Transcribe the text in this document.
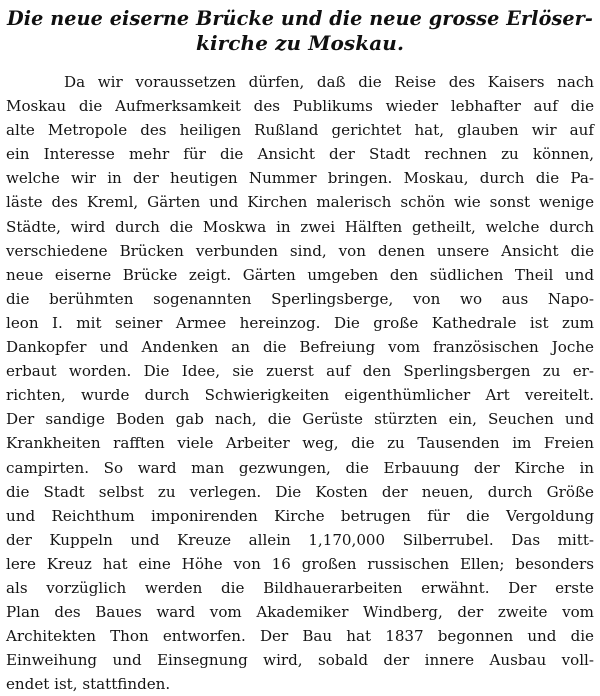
Die neue eiserne Brücke und die neue grosse Erlöser-
kirche zu Moskau.
Da wir voraussetzen dürfen, daß die Reise des Kaisers nach
Moskau die Aufmerksamkeit des Publikums wieder lebhafter auf die
alte Metropole des heiligen Rußland gerichtet hat, glauben wir auf
ein Interesse mehr für die Ansicht der Stadt rechnen zu können,
welche wir in der heutigen Nummer bringen. Moskau, durch die Pa-
läste des Kreml, Gärten und Kirchen malerisch schön wie sonst wenige
Städte, wird durch die Moskwa in zwei Hälften getheilt, welche durch
verschiedene Brücken verbunden sind, von denen unsere Ansicht die
neue eiserne Brücke zeigt. Gärten umgeben den südlichen Theil und
die berühmten sogenannten Sperlingsberge, von wo aus Napo-
leon I. mit seiner Armee hereinzog. Die große Kathedrale ist zum
Dankopfer und Andenken an die Befreiung vom französischen Joche
erbaut worden. Die Idee, sie zuerst auf den Sperlingsbergen zu er-
richten, wurde durch Schwierigkeiten eigenthümlicher Art vereitelt.
Der sandige Boden gab nach, die Gerüste stürzten ein, Seuchen und
Krankheiten rafften viele Arbeiter weg, die zu Tausenden im Freien
campirten. So ward man gezwungen, die Erbauung der Kirche in
die Stadt selbst zu verlegen. Die Kosten der neuen, durch Größe
und Reichthum imponirenden Kirche betrugen für die Vergoldung
der Kuppeln und Kreuze allein 1,170,000 Silberrubel. Das mitt-
lere Kreuz hat eine Höhe von 16 großen russischen Ellen; besonders
als vorzüglich werden die Bildhauerarbeiten erwähnt. Der erste
Plan des Baues ward vom Akademiker Windberg, der zweite vom
Architekten Thon entworfen. Der Bau hat 1837 begonnen und die
Einweihung und Einsegnung wird, sobald der innere Ausbau voll-
endet ist, stattfinden.
